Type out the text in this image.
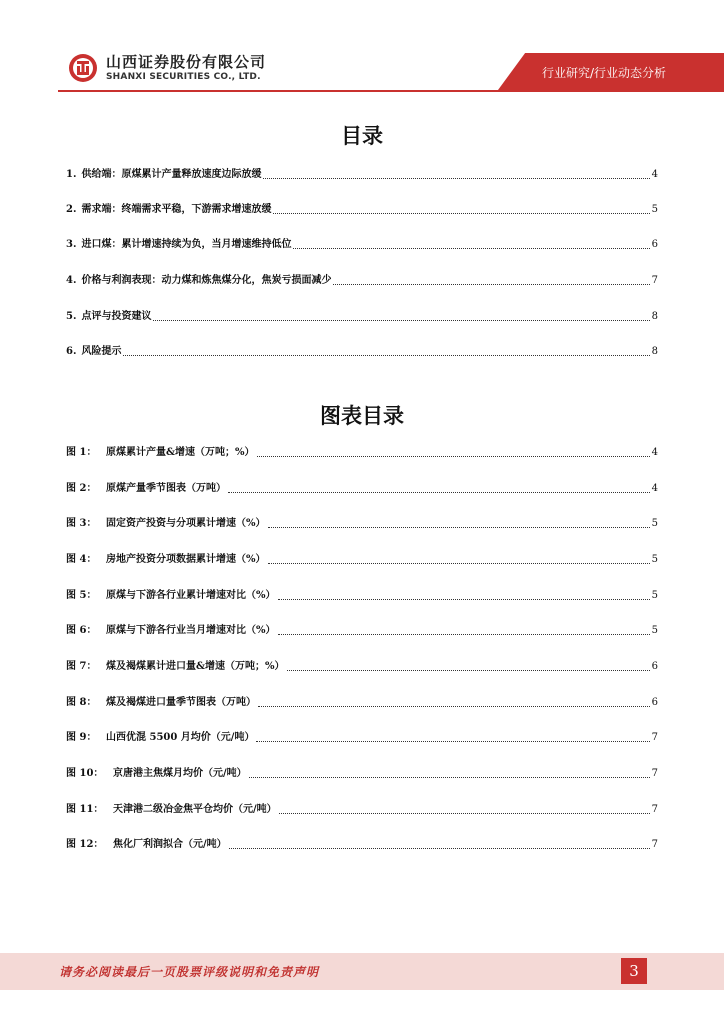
山西证券股份有限公司
SHANXI SECURITIES CO., LTD.	行业研究/行业动态分析
目录
1. 供给端：原煤累计产量释放速度边际放缓	4
2. 需求端：终端需求平稳，下游需求增速放缓	5
3. 进口煤：累计增速持续为负，当月增速维持低位	6
4. 价格与利润表现：动力煤和炼焦煤分化，焦炭亏损面减少	7
5. 点评与投资建议	8
6. 风险提示	8
图表目录
图 1： 原煤累计产量&增速（万吨；%）	4
图 2： 原煤产量季节图表（万吨）	4
图 3： 固定资产投资与分项累计增速（%）	5
图 4： 房地产投资分项数据累计增速（%）	5
图 5： 原煤与下游各行业累计增速对比（%）	5
图 6： 原煤与下游各行业当月增速对比（%）	5
图 7： 煤及褐煤累计进口量&增速（万吨；%）	6
图 8： 煤及褐煤进口量季节图表（万吨）	6
图 9： 山西优混 5500 月均价（元/吨）	7
图 10： 京唐港主焦煤月均价（元/吨）	7
图 11： 天津港二级冶金焦平仓均价（元/吨）	7
图 12： 焦化厂利润拟合（元/吨）	7
请务必阅读最后一页股票评级说明和免责声明	3
